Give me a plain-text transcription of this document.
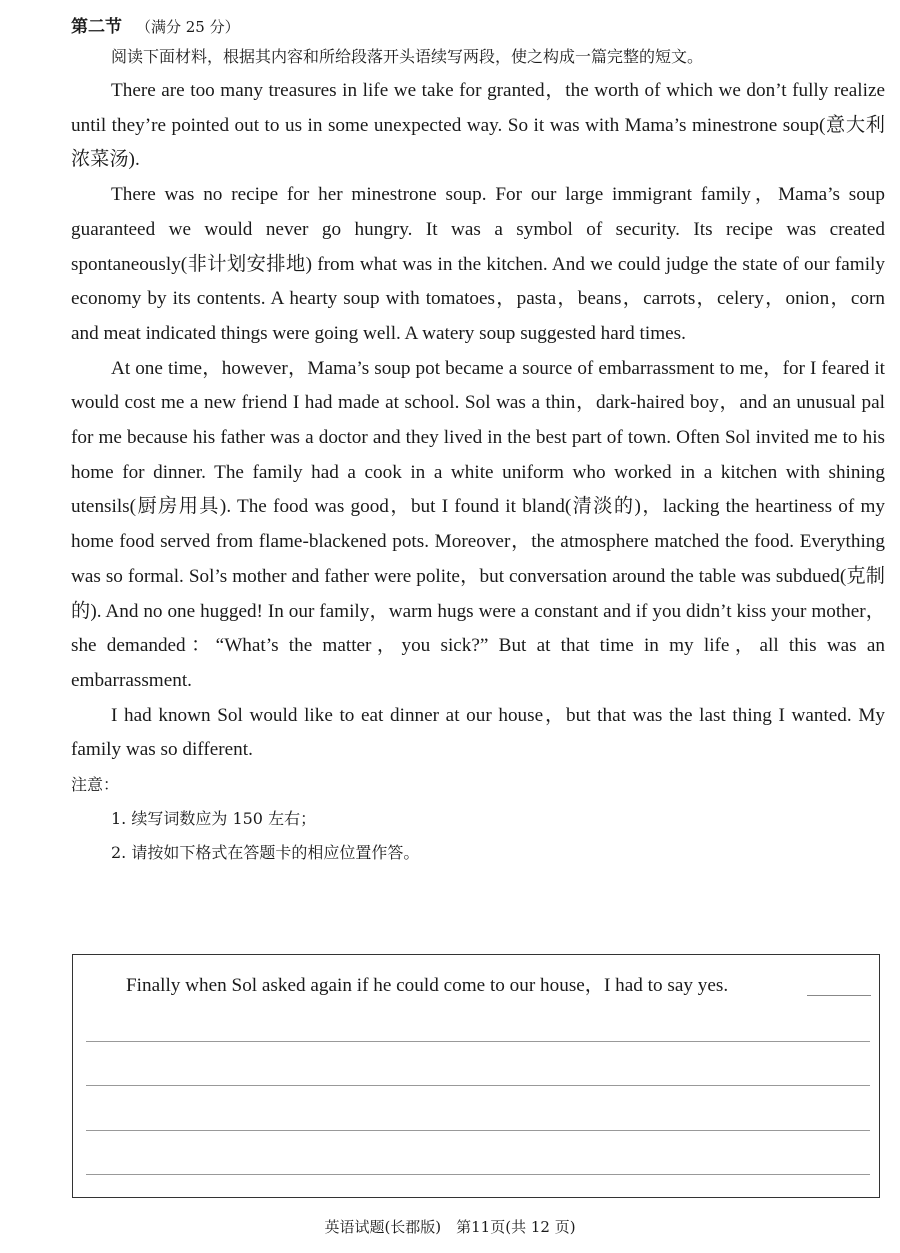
第二节 （满分 25 分）

阅读下面材料，根据其内容和所给段落开头语续写两段，使之构成一篇完整的短文。

There are too many treasures in life we take for granted，the worth of which we don’t fully realize until they’re pointed out to us in some unexpected way. So it was with Mama’s minestrone soup(意大利浓菜汤).

There was no recipe for her minestrone soup. For our large immigrant family，Mama’s soup guaranteed we would never go hungry. It was a symbol of security. Its recipe was created spontaneously(非计划安排地) from what was in the kitchen. And we could judge the state of our family economy by its contents. A hearty soup with tomatoes，pasta，beans，carrots，celery，onion，corn and meat indicated things were going well. A watery soup suggested hard times.

At one time，however，Mama’s soup pot became a source of embarrassment to me，for I feared it would cost me a new friend I had made at school. Sol was a thin，dark-haired boy，and an unusual pal for me because his father was a doctor and they lived in the best part of town. Often Sol invited me to his home for dinner. The family had a cook in a white uniform who worked in a kitchen with shining utensils(厨房用具). The food was good，but I found it bland(清淡的)，lacking the heartiness of my home food served from flame-blackened pots. Moreover，the atmosphere matched the food. Everything was so formal. Sol’s mother and father were polite，but conversation around the table was subdued(克制的). And no one hugged! In our family，warm hugs were a constant and if you didn’t kiss your mother，she demanded：“What’s the matter，you sick?” But at that time in my life，all this was an embarrassment.

I had known Sol would like to eat dinner at our house，but that was the last thing I wanted. My family was so different.

注意：

1. 续写词数应为 150 左右；

2. 请按如下格式在答题卡的相应位置作答。

Finally when Sol asked again if he could come to our house，I had to say yes.
英语试题(长郡版)　第11页(共 12 页)
